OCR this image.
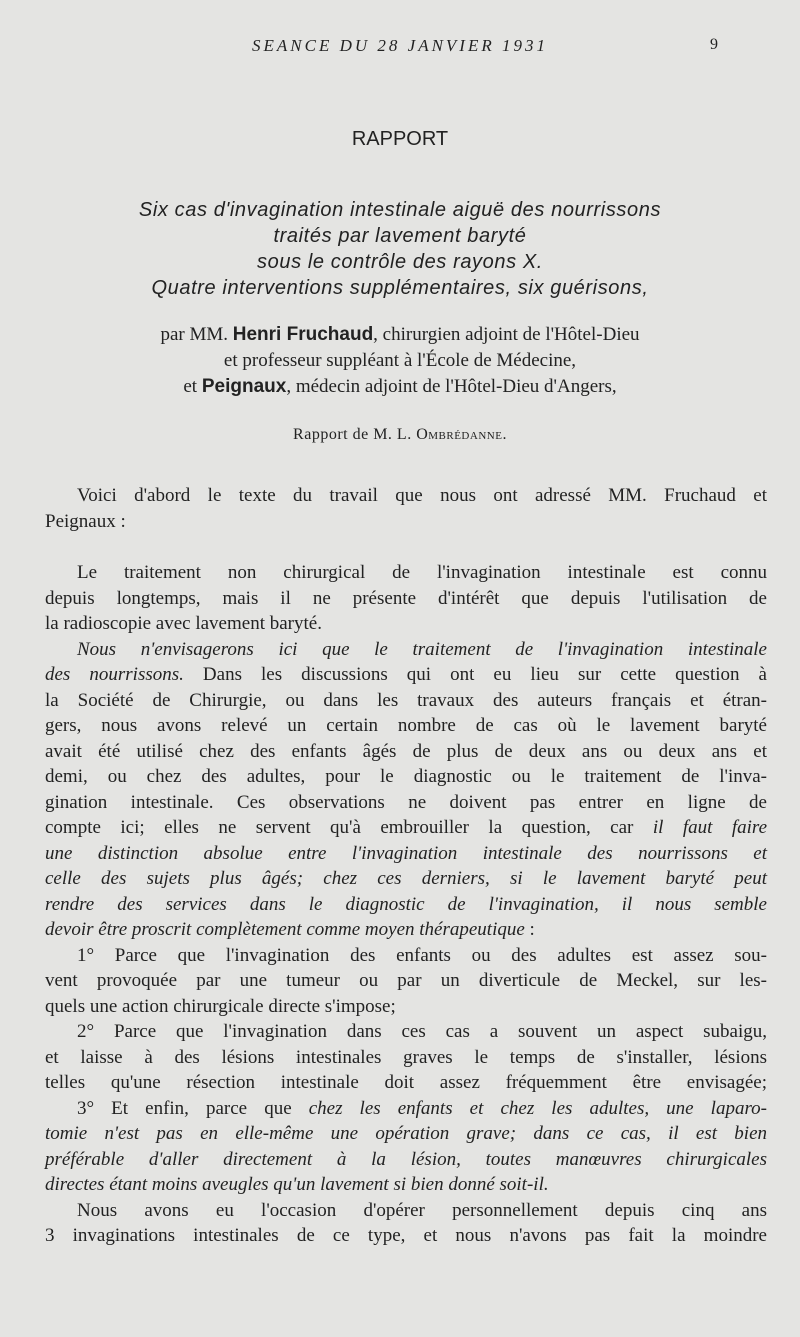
SEANCE DU 28 JANVIER 1931	9
RAPPORT
Six cas d'invagination intestinale aiguë des nourrissons
traités par lavement baryté
sous le contrôle des rayons X.
Quatre interventions supplémentaires, six guérisons,
par MM. Henri Fruchaud, chirurgien adjoint de l'Hôtel-Dieu
et professeur suppléant à l'École de Médecine,
et Peignaux, médecin adjoint de l'Hôtel-Dieu d'Angers,
Rapport de M. L. Ombrédanne.
Voici d'abord le texte du travail que nous ont adressé MM. Fruchaud et
Peignaux :
Le traitement non chirurgical de l'invagination intestinale est connu
depuis longtemps, mais il ne présente d'intérêt que depuis l'utilisation de
la radioscopie avec lavement baryté.
Nous n'envisagerons ici que le traitement de l'invagination intestinale
des nourrissons. Dans les discussions qui ont eu lieu sur cette question à
la Société de Chirurgie, ou dans les travaux des auteurs français et étran-
gers, nous avons relevé un certain nombre de cas où le lavement baryté
avait été utilisé chez des enfants âgés de plus de deux ans ou deux ans et
demi, ou chez des adultes, pour le diagnostic ou le traitement de l'inva-
gination intestinale. Ces observations ne doivent pas entrer en ligne de
compte ici; elles ne servent qu'à embrouiller la question, car il faut faire
une distinction absolue entre l'invagination intestinale des nourrissons et
celle des sujets plus âgés; chez ces derniers, si le lavement baryté peut
rendre des services dans le diagnostic de l'invagination, il nous semble
devoir être proscrit complètement comme moyen thérapeutique :
1° Parce que l'invagination des enfants ou des adultes est assez sou-
vent provoquée par une tumeur ou par un diverticule de Meckel, sur les-
quels une action chirurgicale directe s'impose;
2° Parce que l'invagination dans ces cas a souvent un aspect subaigu,
et laisse à des lésions intestinales graves le temps de s'installer, lésions
telles qu'une résection intestinale doit assez fréquemment être envisagée;
3° Et enfin, parce que chez les enfants et chez les adultes, une laparo-
tomie n'est pas en elle-même une opération grave; dans ce cas, il est bien
préférable d'aller directement à la lésion, toutes manœuvres chirurgicales
directes étant moins aveugles qu'un lavement si bien donné soit-il.
Nous avons eu l'occasion d'opérer personnellement depuis cinq ans
3 invaginations intestinales de ce type, et nous n'avons pas fait la moindre
